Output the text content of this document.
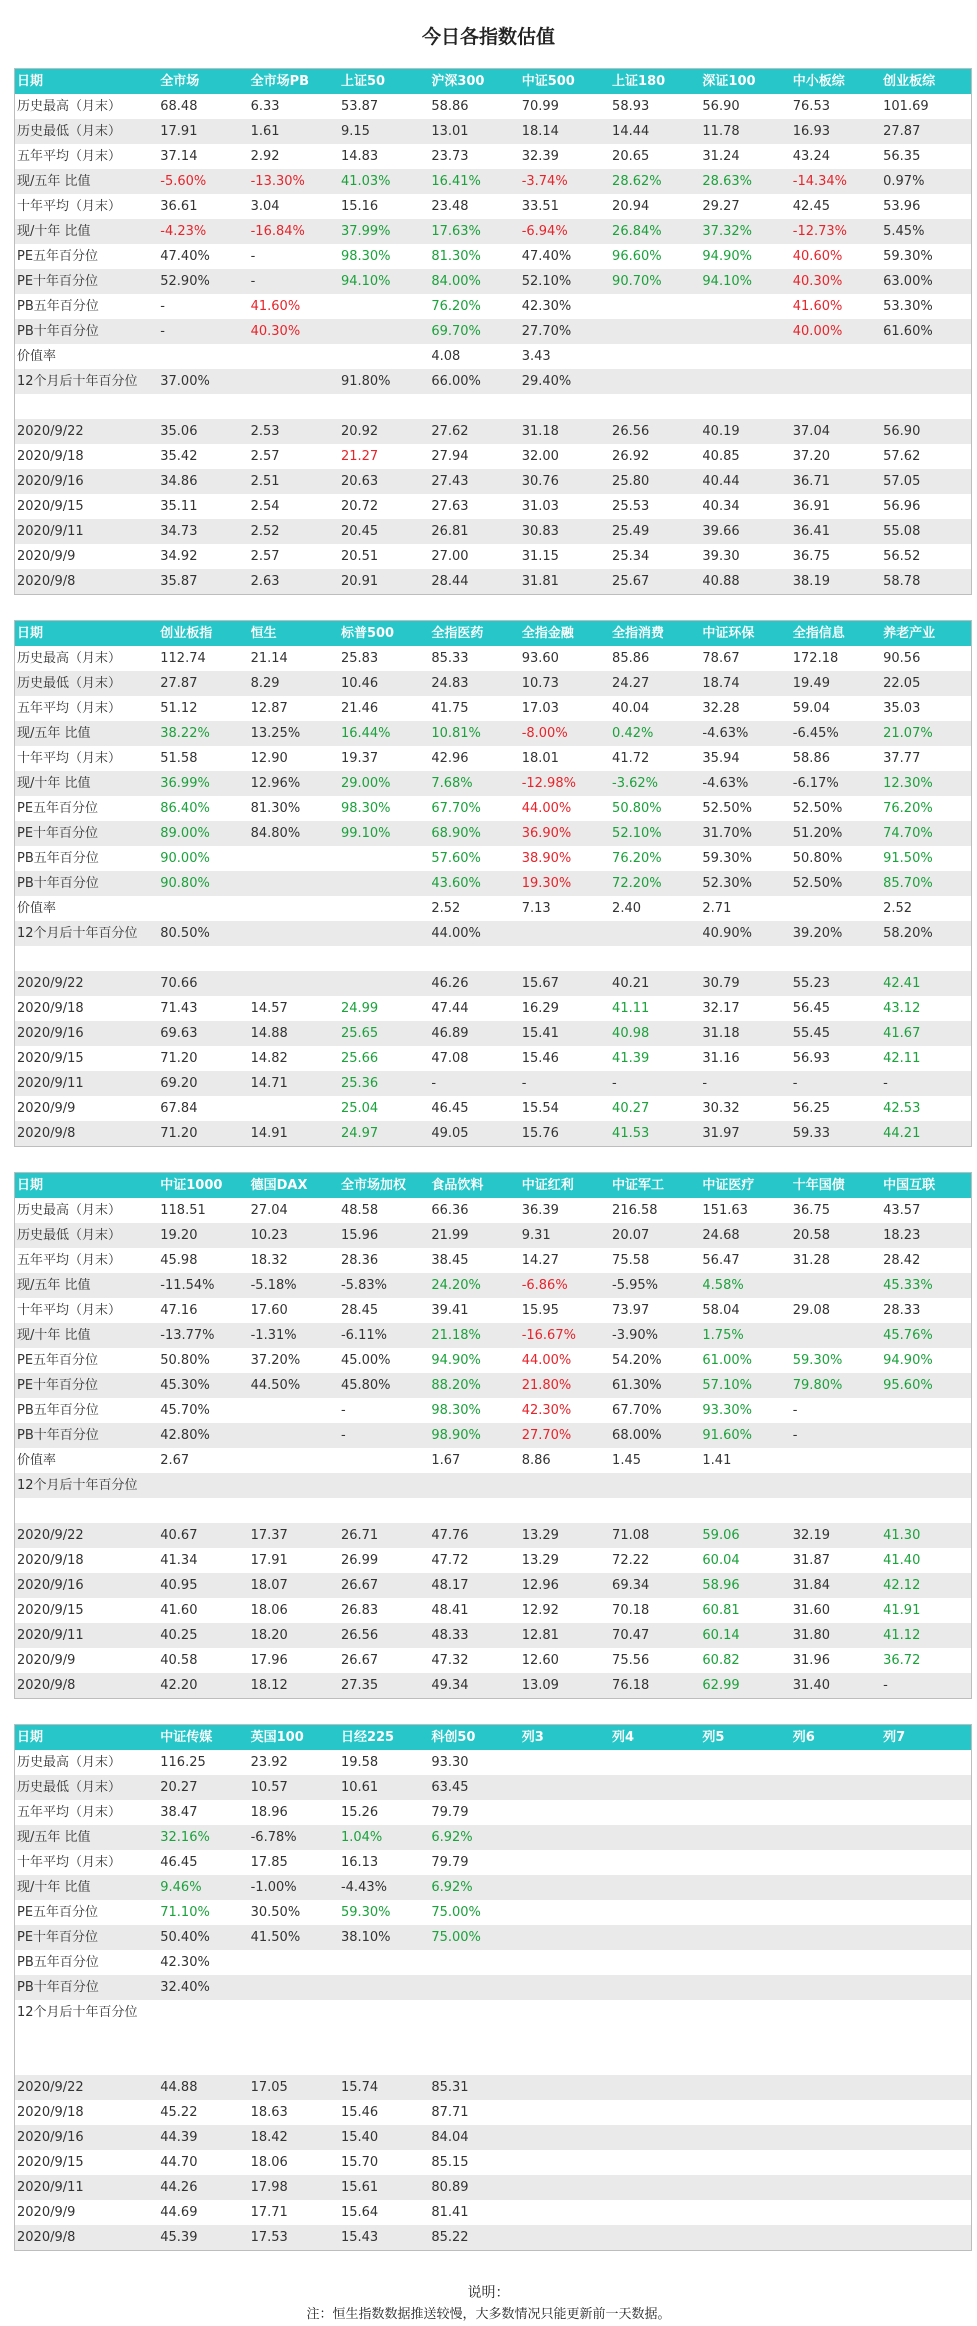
今日各指数估值
日期	全市场	全市场PB	上证50	沪深300	中证500	上证180	深证100	中小板综	创业板综
历史最高（月末）	68.48	6.33	53.87	58.86	70.99	58.93	56.90	76.53	101.69
历史最低（月末）	17.91	1.61	9.15	13.01	18.14	14.44	11.78	16.93	27.87
五年平均（月末）	37.14	2.92	14.83	23.73	32.39	20.65	31.24	43.24	56.35
现/五年 比值	-5.60%	-13.30%	41.03%	16.41%	-3.74%	28.62%	28.63%	-14.34%	0.97%
十年平均（月末）	36.61	3.04	15.16	23.48	33.51	20.94	29.27	42.45	53.96
现/十年 比值	-4.23%	-16.84%	37.99%	17.63%	-6.94%	26.84%	37.32%	-12.73%	5.45%
PE五年百分位	47.40%	-	98.30%	81.30%	47.40%	96.60%	94.90%	40.60%	59.30%
PE十年百分位	52.90%	-	94.10%	84.00%	52.10%	90.70%	94.10%	40.30%	63.00%
PB五年百分位	-	41.60%		76.20%	42.30%			41.60%	53.30%
PB十年百分位	-	40.30%		69.70%	27.70%			40.00%	61.60%
价值率				4.08	3.43				
12个月后十年百分位	37.00%		91.80%	66.00%	29.40%				

2020/9/22	35.06	2.53	20.92	27.62	31.18	26.56	40.19	37.04	56.90
2020/9/18	35.42	2.57	21.27	27.94	32.00	26.92	40.85	37.20	57.62
2020/9/16	34.86	2.51	20.63	27.43	30.76	25.80	40.44	36.71	57.05
2020/9/15	35.11	2.54	20.72	27.63	31.03	25.53	40.34	36.91	56.96
2020/9/11	34.73	2.52	20.45	26.81	30.83	25.49	39.66	36.41	55.08
2020/9/9	34.92	2.57	20.51	27.00	31.15	25.34	39.30	36.75	56.52
2020/9/8	35.87	2.63	20.91	28.44	31.81	25.67	40.88	38.19	58.78
日期	创业板指	恒生	标普500	全指医药	全指金融	全指消费	中证环保	全指信息	养老产业
历史最高（月末）	112.74	21.14	25.83	85.33	93.60	85.86	78.67	172.18	90.56
历史最低（月末）	27.87	8.29	10.46	24.83	10.73	24.27	18.74	19.49	22.05
五年平均（月末）	51.12	12.87	21.46	41.75	17.03	40.04	32.28	59.04	35.03
现/五年 比值	38.22%	13.25%	16.44%	10.81%	-8.00%	0.42%	-4.63%	-6.45%	21.07%
十年平均（月末）	51.58	12.90	19.37	42.96	18.01	41.72	35.94	58.86	37.77
现/十年 比值	36.99%	12.96%	29.00%	7.68%	-12.98%	-3.62%	-4.63%	-6.17%	12.30%
PE五年百分位	86.40%	81.30%	98.30%	67.70%	44.00%	50.80%	52.50%	52.50%	76.20%
PE十年百分位	89.00%	84.80%	99.10%	68.90%	36.90%	52.10%	31.70%	51.20%	74.70%
PB五年百分位	90.00%			57.60%	38.90%	76.20%	59.30%	50.80%	91.50%
PB十年百分位	90.80%			43.60%	19.30%	72.20%	52.30%	52.50%	85.70%
价值率				2.52	7.13	2.40	2.71		2.52
12个月后十年百分位	80.50%			44.00%			40.90%	39.20%	58.20%

2020/9/22	70.66			46.26	15.67	40.21	30.79	55.23	42.41
2020/9/18	71.43	14.57	24.99	47.44	16.29	41.11	32.17	56.45	43.12
2020/9/16	69.63	14.88	25.65	46.89	15.41	40.98	31.18	55.45	41.67
2020/9/15	71.20	14.82	25.66	47.08	15.46	41.39	31.16	56.93	42.11
2020/9/11	69.20	14.71	25.36	-	-	-	-	-	-
2020/9/9	67.84		25.04	46.45	15.54	40.27	30.32	56.25	42.53
2020/9/8	71.20	14.91	24.97	49.05	15.76	41.53	31.97	59.33	44.21
日期	中证1000	德国DAX	全市场加权	食品饮料	中证红利	中证军工	中证医疗	十年国债	中国互联
历史最高（月末）	118.51	27.04	48.58	66.36	36.39	216.58	151.63	36.75	43.57
历史最低（月末）	19.20	10.23	15.96	21.99	9.31	20.07	24.68	20.58	18.23
五年平均（月末）	45.98	18.32	28.36	38.45	14.27	75.58	56.47	31.28	28.42
现/五年 比值	-11.54%	-5.18%	-5.83%	24.20%	-6.86%	-5.95%	4.58%		45.33%
十年平均（月末）	47.16	17.60	28.45	39.41	15.95	73.97	58.04	29.08	28.33
现/十年 比值	-13.77%	-1.31%	-6.11%	21.18%	-16.67%	-3.90%	1.75%		45.76%
PE五年百分位	50.80%	37.20%	45.00%	94.90%	44.00%	54.20%	61.00%	59.30%	94.90%
PE十年百分位	45.30%	44.50%	45.80%	88.20%	21.80%	61.30%	57.10%	79.80%	95.60%
PB五年百分位	45.70%		-	98.30%	42.30%	67.70%	93.30%	-	
PB十年百分位	42.80%		-	98.90%	27.70%	68.00%	91.60%	-	
价值率	2.67			1.67	8.86	1.45	1.41		
12个月后十年百分位									

2020/9/22	40.67	17.37	26.71	47.76	13.29	71.08	59.06	32.19	41.30
2020/9/18	41.34	17.91	26.99	47.72	13.29	72.22	60.04	31.87	41.40
2020/9/16	40.95	18.07	26.67	48.17	12.96	69.34	58.96	31.84	42.12
2020/9/15	41.60	18.06	26.83	48.41	12.92	70.18	60.81	31.60	41.91
2020/9/11	40.25	18.20	26.56	48.33	12.81	70.47	60.14	31.80	41.12
2020/9/9	40.58	17.96	26.67	47.32	12.60	75.56	60.82	31.96	36.72
2020/9/8	42.20	18.12	27.35	49.34	13.09	76.18	62.99	31.40	-
日期	中证传媒	英国100	日经225	科创50	列3	列4	列5	列6	列7
历史最高（月末）	116.25	23.92	19.58	93.30					
历史最低（月末）	20.27	10.57	10.61	63.45					
五年平均（月末）	38.47	18.96	15.26	79.79					
现/五年 比值	32.16%	-6.78%	1.04%	6.92%					
十年平均（月末）	46.45	17.85	16.13	79.79					
现/十年 比值	9.46%	-1.00%	-4.43%	6.92%					
PE五年百分位	71.10%	30.50%	59.30%	75.00%					
PE十年百分位	50.40%	41.50%	38.10%	75.00%					
PB五年百分位	42.30%								
PB十年百分位	32.40%								
12个月后十年百分位									

2020/9/22	44.88	17.05	15.74	85.31					
2020/9/18	45.22	18.63	15.46	87.71					
2020/9/16	44.39	18.42	15.40	84.04					
2020/9/15	44.70	18.06	15.70	85.15					
2020/9/11	44.26	17.98	15.61	80.89					
2020/9/9	44.69	17.71	15.64	81.41					
2020/9/8	45.39	17.53	15.43	85.22					
说明：
注：恒生指数数据推送较慢，大多数情况只能更新前一天数据。
